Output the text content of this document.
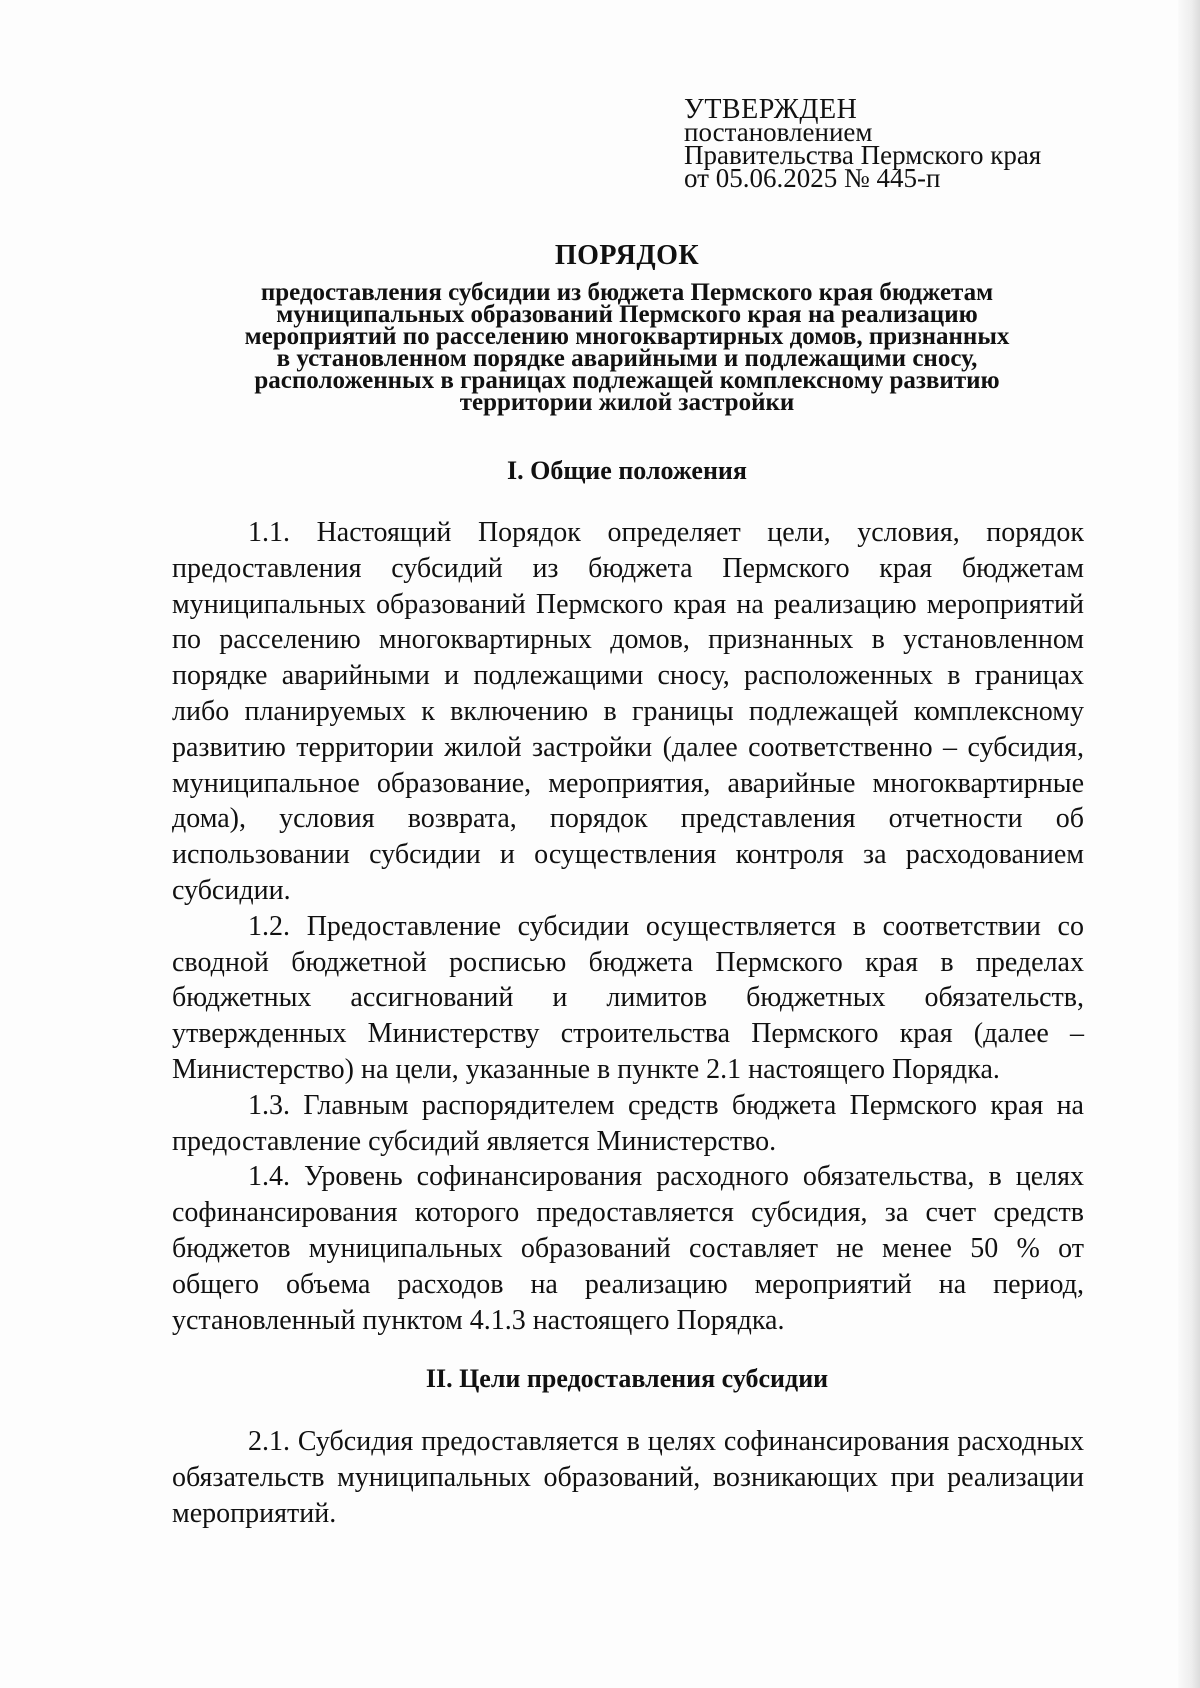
УТВЕРЖДЕН
постановлением
Правительства Пермского края
от 05.06.2025 № 445-п
ПОРЯДОК
предоставления субсидии из бюджета Пермского края бюджетам
муниципальных образований Пермского края на реализацию
мероприятий по расселению многоквартирных домов, признанных
в установленном порядке аварийными и подлежащими сносу,
расположенных в границах подлежащей комплексному развитию
территории жилой застройки
I. Общие положения

1.1. Настоящий Порядок определяет цели, условия, порядок предоставления субсидий из бюджета Пермского края бюджетам муниципальных образований Пермского края на реализацию мероприятий по расселению многоквартирных домов, признанных в установленном порядке аварийными и подлежащими сносу, расположенных в границах либо планируемых к включению в границы подлежащей комплексному развитию территории жилой застройки (далее соответственно – субсидия, муниципальное образование, мероприятия, аварийные многоквартирные дома), условия возврата, порядок представления отчетности об использовании субсидии и осуществления контроля за расходованием субсидии.

1.2. Предоставление субсидии осуществляется в соответствии со сводной бюджетной росписью бюджета Пермского края в пределах бюджетных ассигнований и лимитов бюджетных обязательств, утвержденных Министерству строительства Пермского края (далее – Министерство) на цели, указанные в пункте 2.1 настоящего Порядка.

1.3. Главным распорядителем средств бюджета Пермского края на предоставление субсидий является Министерство.

1.4. Уровень софинансирования расходного обязательства, в целях софинансирования которого предоставляется субсидия, за счет средств бюджетов муниципальных образований составляет не менее 50 % от общего объема расходов на реализацию мероприятий на период, установленный пунктом 4.1.3 настоящего Порядка.

II. Цели предоставления субсидии

2.1. Субсидия предоставляется в целях софинансирования расходных обязательств муниципальных образований, возникающих при реализации мероприятий.
